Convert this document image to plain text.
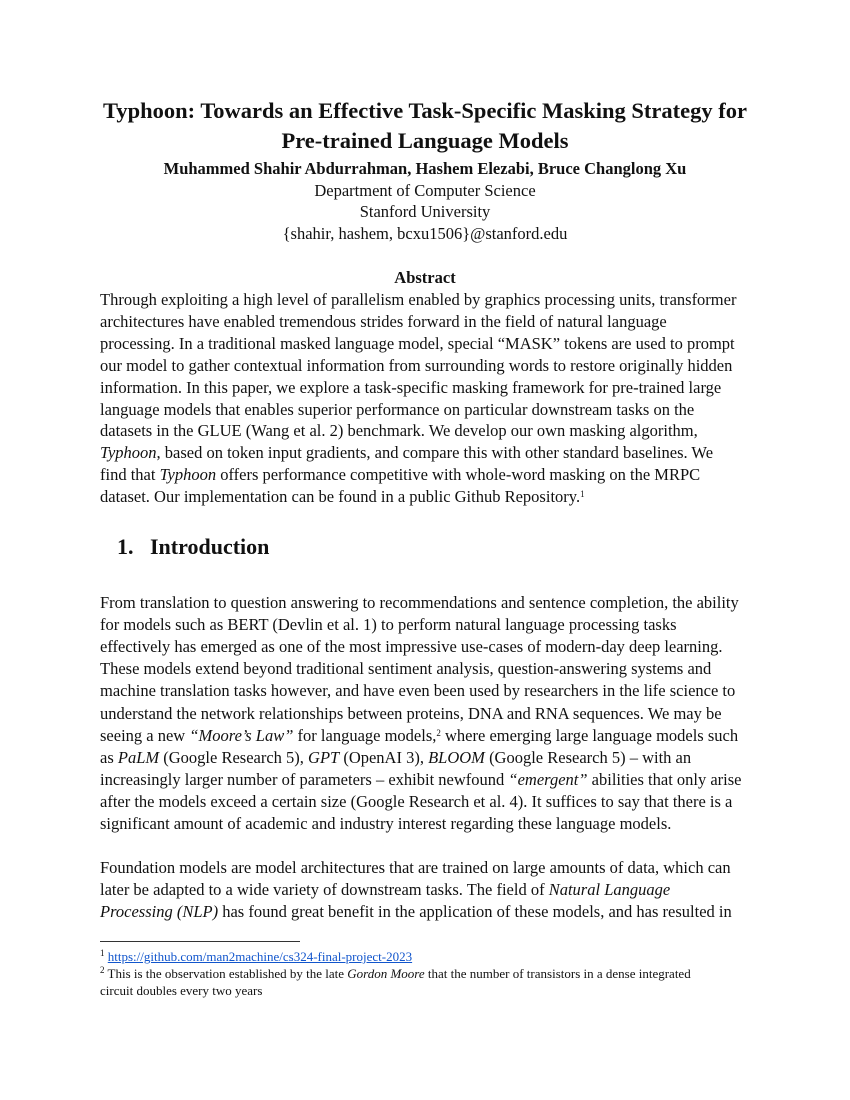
Typhoon: Towards an Effective Task-Specific Masking Strategy for
Pre-trained Language Models
Muhammed Shahir Abdurrahman, Hashem Elezabi, Bruce Changlong Xu
Department of Computer Science
Stanford University
{shahir, hashem, bcxu1506}@stanford.edu
Abstract
Through exploiting a high level of parallelism enabled by graphics processing units, transformer
architectures have enabled tremendous strides forward in the field of natural language
processing. In a traditional masked language model, special “MASK” tokens are used to prompt
our model to gather contextual information from surrounding words to restore originally hidden
information. In this paper, we explore a task-specific masking framework for pre-trained large
language models that enables superior performance on particular downstream tasks on the
datasets in the GLUE (Wang et al. 2) benchmark. We develop our own masking algorithm,
Typhoon, based on token input gradients, and compare this with other standard baselines. We
find that Typhoon offers performance competitive with whole-word masking on the MRPC
dataset. Our implementation can be found in a public Github Repository.$^1$
1. Introduction
From translation to question answering to recommendations and sentence completion, the ability
for models such as BERT (Devlin et al. 1) to perform natural language processing tasks
effectively has emerged as one of the most impressive use-cases of modern-day deep learning.
These models extend beyond traditional sentiment analysis, question-answering systems and
machine translation tasks however, and have even been used by researchers in the life science to
understand the network relationships between proteins, DNA and RNA sequences. We may be
seeing a new “Moore’s Law” for language models,$^2$ where emerging large language models such
as PaLM (Google Research 5), GPT (OpenAI 3), BLOOM (Google Research 5) – with an
increasingly larger number of parameters – exhibit newfound “emergent” abilities that only arise
after the models exceed a certain size (Google Research et al. 4). It suffices to say that there is a
significant amount of academic and industry interest regarding these language models.
Foundation models are model architectures that are trained on large amounts of data, which can
later be adapted to a wide variety of downstream tasks. The field of Natural Language
Processing (NLP) has found great benefit in the application of these models, and has resulted in
$^1$ https://github.com/man2machine/cs324-final-project-2023
$^2$ This is the observation established by the late Gordon Moore that the number of transistors in a dense integrated
circuit doubles every two years
